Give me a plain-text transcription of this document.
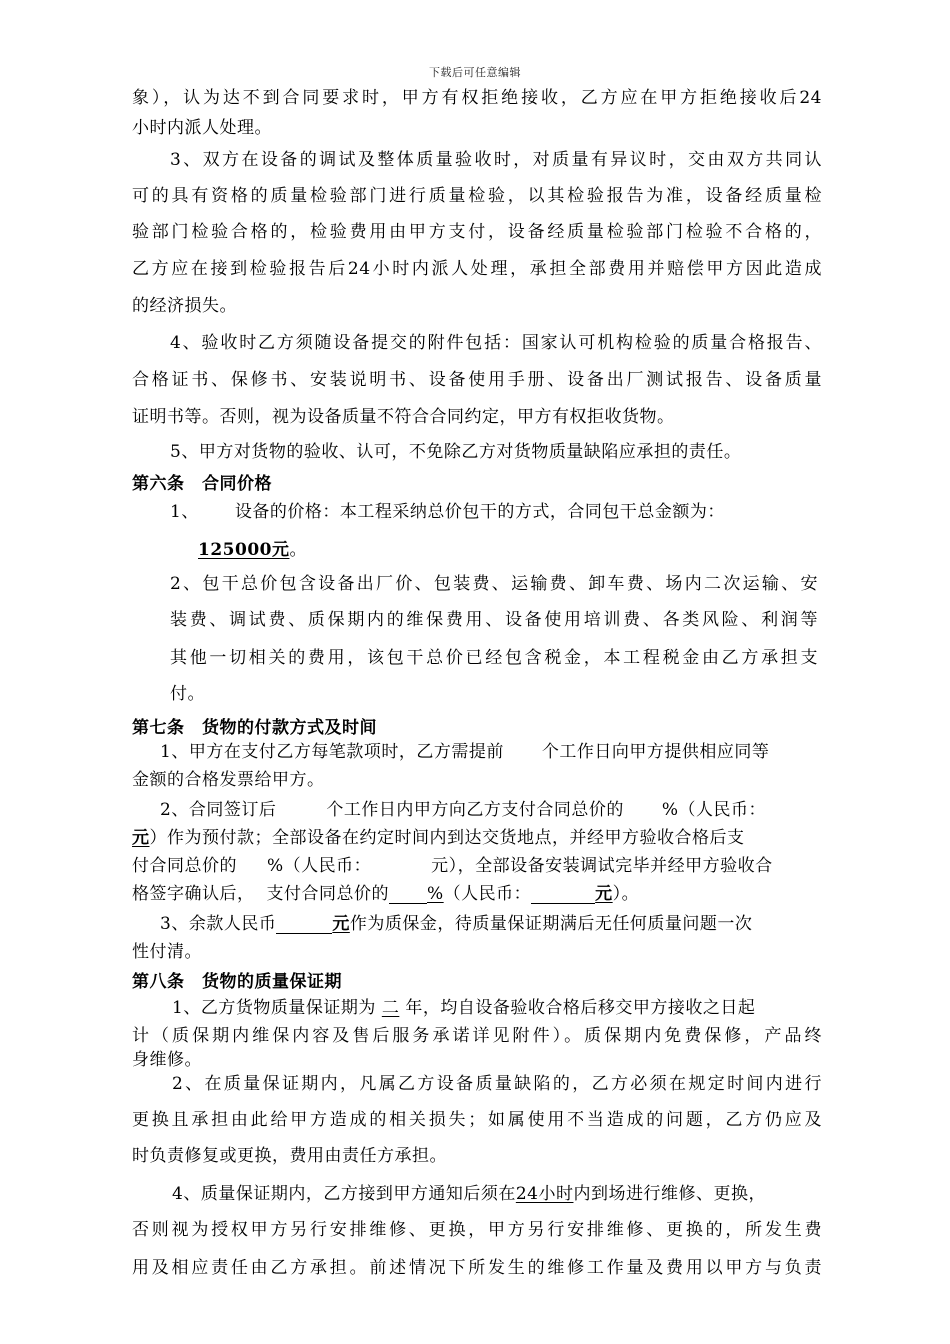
下载后可任意编辑
象），认为达不到合同要求时，甲方有权拒绝接收，乙方应在甲方拒绝接收后24
小时内派人处理。
3、双方在设备的调试及整体质量验收时，对质量有异议时，交由双方共同认
可的具有资格的质量检验部门进行质量检验，以其检验报告为准，设备经质量检
验部门检验合格的，检验费用由甲方支付，设备经质量检验部门检验不合格的，
乙方应在接到检验报告后24小时内派人处理，承担全部费用并赔偿甲方因此造成
的经济损失。
4、验收时乙方须随设备提交的附件包括：国家认可机构检验的质量合格报告、
合格证书、保修书、安装说明书、设备使用手册、设备出厂测试报告、设备质量
证明书等。否则，视为设备质量不符合合同约定，甲方有权拒收货物。
5、甲方对货物的验收、认可，不免除乙方对货物质量缺陷应承担的责任。
第六条　合同价格
1、 设备的价格：本工程采纳总价包干的方式，合同包干总金额为：
125000元。
2、包干总价包含设备出厂价、包装费、运输费、卸车费、场内二次运输、安
装费、调试费、质保期内的维保费用、设备使用培训费、各类风险、利润等
其他一切相关的费用，该包干总价已经包含税金，本工程税金由乙方承担支
付。
第七条　货物的付款方式及时间
1、甲方在支付乙方每笔款项时，乙方需提前 个工作日向甲方提供相应同等
金额的合格发票给甲方。
2、合同签订后	个工作日内甲方向乙方支付合同总价的 %（人民币：
元）作为预付款；全部设备在约定时间内到达交货地点，并经甲方验收合格后支
付合同总价的 %（人民币：	元），全部设备安装调试完毕并经甲方验收合
格签字确认后， 支付合同总价的 %（人民币：	元）。
3、余款人民币	元作为质保金，待质量保证期满后无任何质量问题一次
性付清。
第八条　货物的质量保证期
1、乙方货物质量保证期为 二 年，均自设备验收合格后移交甲方接收之日起
计（质保期内维保内容及售后服务承诺详见附件）。质保期内免费保修，产品终
身维修。
2、在质量保证期内，凡属乙方设备质量缺陷的，乙方必须在规定时间内进行
更换且承担由此给甲方造成的相关损失；如属使用不当造成的问题，乙方仍应及
时负责修复或更换，费用由责任方承担。
4、质量保证期内，乙方接到甲方通知后须在24小时内到场进行维修、更换，
否则视为授权甲方另行安排维修、更换，甲方另行安排维修、更换的，所发生费
用及相应责任由乙方承担。前述情况下所发生的维修工作量及费用以甲方与负责
